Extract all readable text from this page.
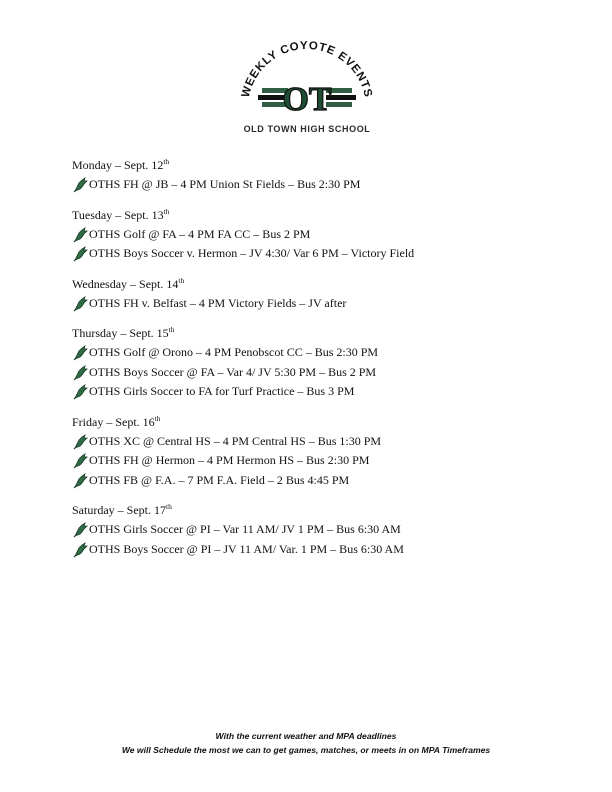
WEEKLY COYOTE EVENTS
OT
OLD TOWN HIGH SCHOOL
Monday – Sept. 12th
OTHS FH @ JB – 4 PM Union St Fields – Bus 2:30 PM
Tuesday – Sept. 13th
OTHS Golf @ FA – 4 PM FA CC – Bus 2 PM
OTHS Boys Soccer v. Hermon – JV 4:30/ Var 6 PM – Victory Field
Wednesday – Sept. 14th
OTHS FH v. Belfast – 4 PM Victory Fields – JV after
Thursday – Sept. 15th
OTHS Golf @ Orono – 4 PM Penobscot CC – Bus 2:30 PM
OTHS Boys Soccer @ FA – Var 4/ JV 5:30 PM – Bus 2 PM
OTHS Girls Soccer to FA for Turf Practice – Bus 3 PM
Friday – Sept. 16th
OTHS XC @ Central HS – 4 PM Central HS – Bus 1:30 PM
OTHS FH @ Hermon – 4 PM Hermon HS – Bus 2:30 PM
OTHS FB @ F.A. – 7 PM F.A. Field – 2 Bus 4:45 PM
Saturday – Sept. 17th
OTHS Girls Soccer @ PI – Var 11 AM/ JV 1 PM – Bus 6:30 AM
OTHS Boys Soccer @ PI – JV 11 AM/ Var. 1 PM – Bus 6:30 AM
With the current weather and MPA deadlines
We will Schedule the most we can to get games, matches, or meets in on MPA Timeframes
